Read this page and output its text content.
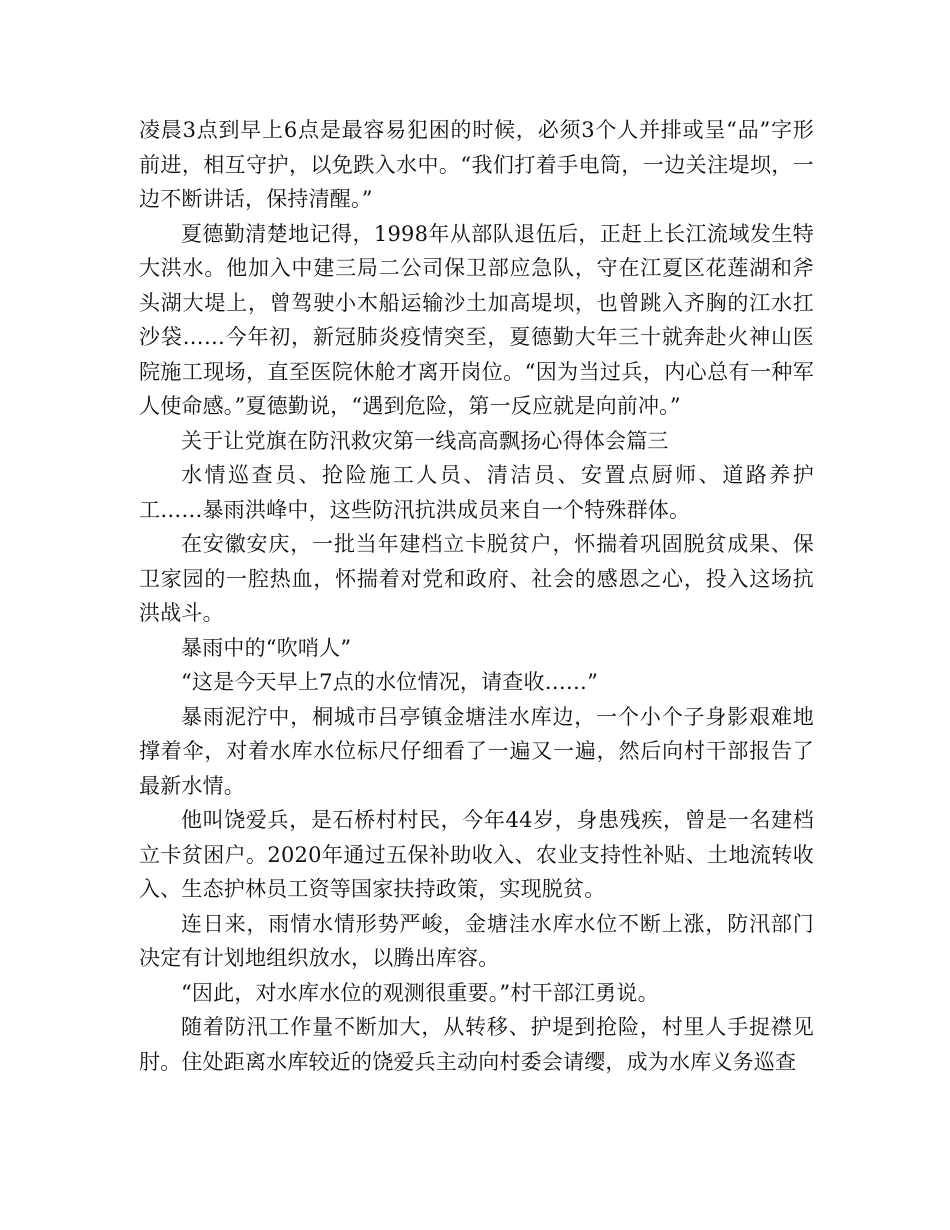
凌晨3点到早上6点是最容易犯困的时候，必须3个人并排或呈“品”字形前进，相互守护，以免跌入水中。“我们打着手电筒，一边关注堤坝，一边不断讲话，保持清醒。”

夏德勤清楚地记得，1998年从部队退伍后，正赶上长江流域发生特大洪水。他加入中建三局二公司保卫部应急队，守在江夏区花莲湖和斧头湖大堤上，曾驾驶小木船运输沙土加高堤坝，也曾跳入齐胸的江水扛沙袋……今年初，新冠肺炎疫情突至，夏德勤大年三十就奔赴火神山医院施工现场，直至医院休舱才离开岗位。“因为当过兵，内心总有一种军人使命感。”夏德勤说，“遇到危险，第一反应就是向前冲。”

关于让党旗在防汛救灾第一线高高飘扬心得体会篇三

水情巡查员、抢险施工人员、清洁员、安置点厨师、道路养护工……暴雨洪峰中，这些防汛抗洪成员来自一个特殊群体。

在安徽安庆，一批当年建档立卡脱贫户，怀揣着巩固脱贫成果、保卫家园的一腔热血，怀揣着对党和政府、社会的感恩之心，投入这场抗洪战斗。

暴雨中的“吹哨人”

“这是今天早上7点的水位情况，请查收……”

暴雨泥泞中，桐城市吕亭镇金塘洼水库边，一个小个子身影艰难地撑着伞，对着水库水位标尺仔细看了一遍又一遍，然后向村干部报告了最新水情。

他叫饶爱兵，是石桥村村民，今年44岁，身患残疾，曾是一名建档立卡贫困户。2020年通过五保补助收入、农业支持性补贴、土地流转收入、生态护林员工资等国家扶持政策，实现脱贫。

连日来，雨情水情形势严峻，金塘洼水库水位不断上涨，防汛部门决定有计划地组织放水，以腾出库容。

“因此，对水库水位的观测很重要。”村干部江勇说。

随着防汛工作量不断加大，从转移、护堤到抢险，村里人手捉襟见肘。住处距离水库较近的饶爱兵主动向村委会请缨，成为水库义务巡查
